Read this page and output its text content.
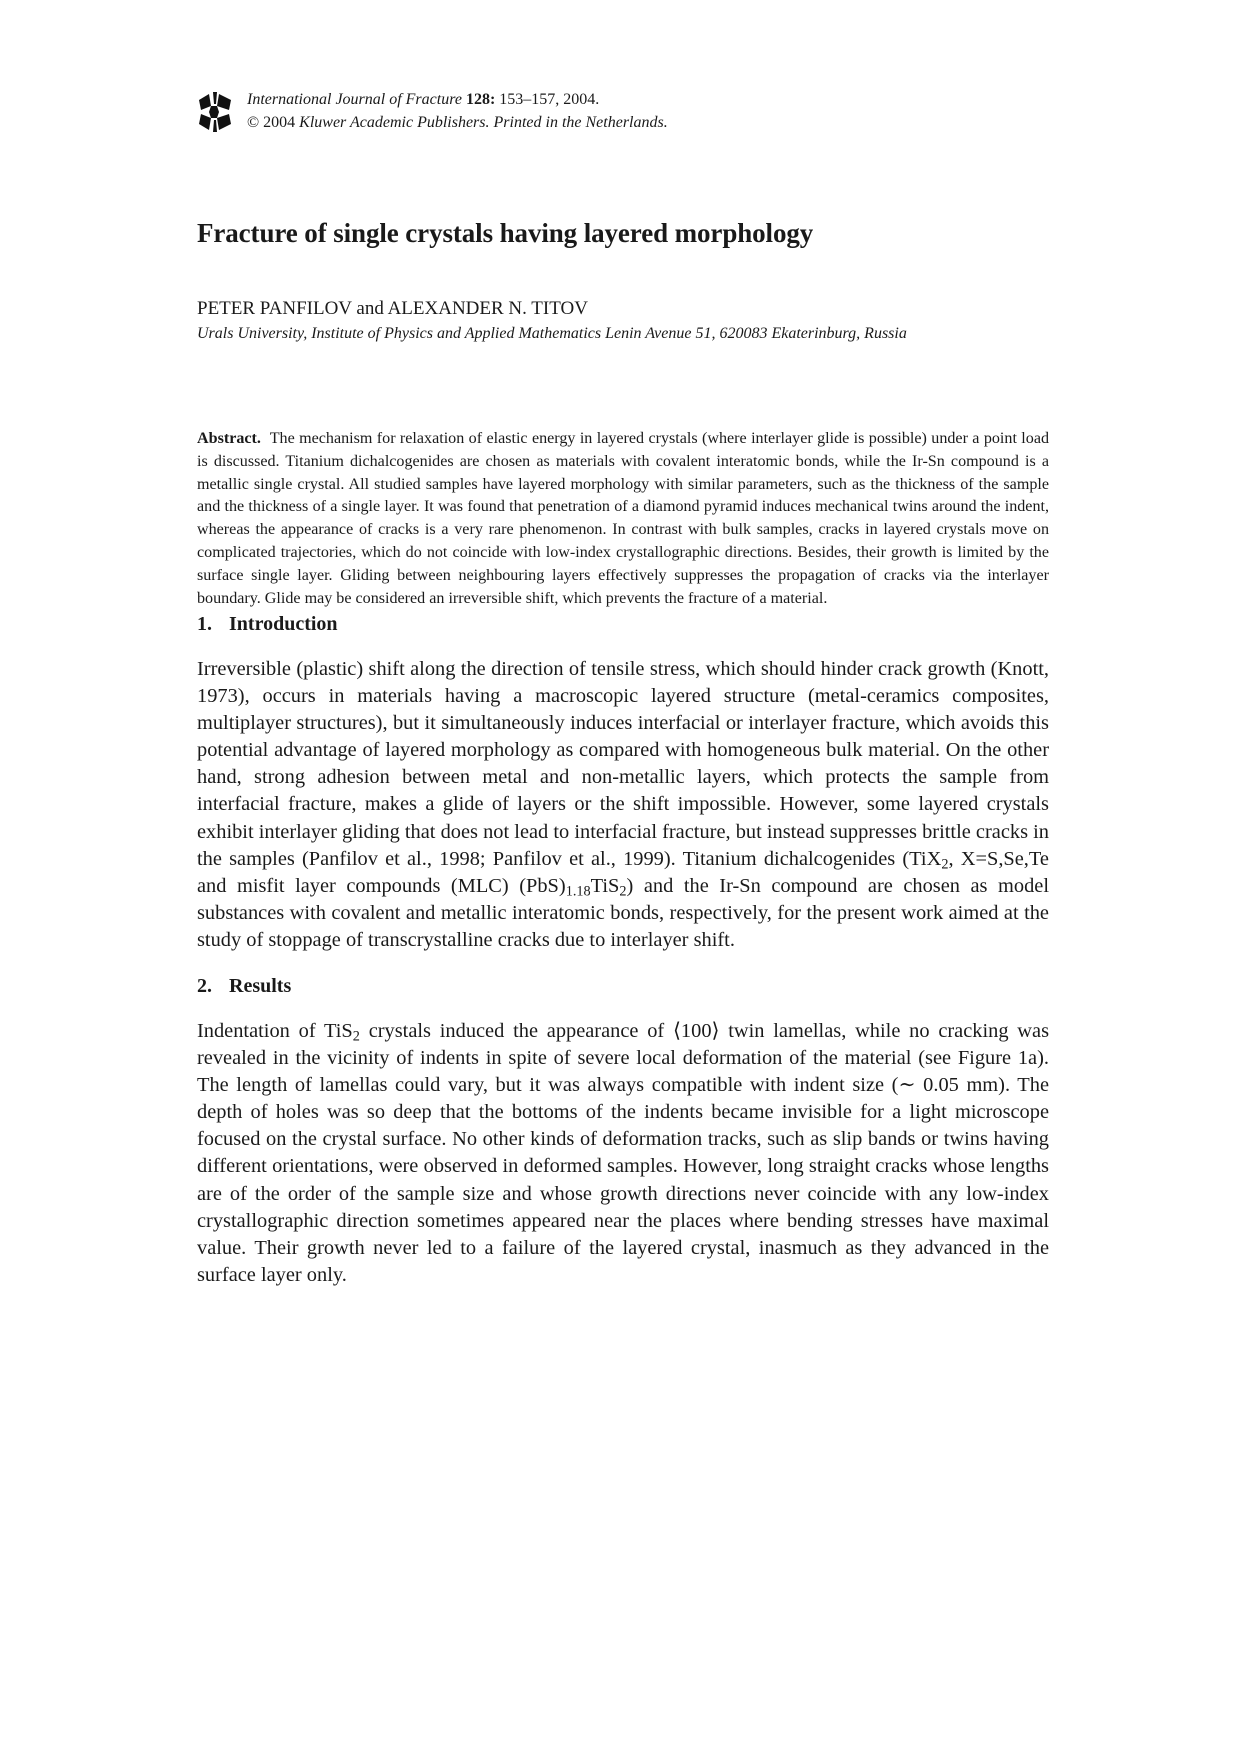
International Journal of Fracture 128: 153–157, 2004.
© 2004 Kluwer Academic Publishers. Printed in the Netherlands.
Fracture of single crystals having layered morphology
PETER PANFILOV and ALEXANDER N. TITOV
Urals University, Institute of Physics and Applied Mathematics Lenin Avenue 51, 620083 Ekaterinburg, Russia

Abstract. The mechanism for relaxation of elastic energy in layered crystals (where interlayer glide is possible) under a point load is discussed. Titanium dichalcogenides are chosen as materials with covalent interatomic bonds, while the Ir-Sn compound is a metallic single crystal. All studied samples have layered morphology with similar parameters, such as the thickness of the sample and the thickness of a single layer. It was found that penetration of a diamond pyramid induces mechanical twins around the indent, whereas the appearance of cracks is a very rare phenomenon. In contrast with bulk samples, cracks in layered crystals move on complicated trajectories, which do not coincide with low-index crystallographic directions. Besides, their growth is limited by the surface single layer. Gliding between neighbouring layers effectively suppresses the propagation of cracks via the interlayer boundary. Glide may be considered an irreversible shift, which prevents the fracture of a material.

1. Introduction

Irreversible (plastic) shift along the direction of tensile stress, which should hinder crack growth (Knott, 1973), occurs in materials having a macroscopic layered structure (metal-ceramics composites, multiplayer structures), but it simultaneously induces interfacial or interlayer fracture, which avoids this potential advantage of layered morphology as compared with homogeneous bulk material. On the other hand, strong adhesion between metal and non-metallic layers, which protects the sample from interfacial fracture, makes a glide of layers or the shift impossible. However, some layered crystals exhibit interlayer gliding that does not lead to interfacial fracture, but instead suppresses brittle cracks in the samples (Panfilov et al., 1998; Panfilov et al., 1999). Titanium dichalcogenides (TiX$_2$, X=S,Se,Te and misfit layer compounds (MLC) $(PbS)_{1.18}TiS_2$) and the Ir-Sn compound are chosen as model substances with covalent and metallic interatomic bonds, respectively, for the present work aimed at the study of stoppage of transcrystalline cracks due to interlayer shift.

2. Results

Indentation of TiS$_2$ crystals induced the appearance of ⟨100⟩ twin lamellas, while no cracking was revealed in the vicinity of indents in spite of severe local deformation of the material (see Figure 1a). The length of lamellas could vary, but it was always compatible with indent size (∼ 0.05 mm). The depth of holes was so deep that the bottoms of the indents became invisible for a light microscope focused on the crystal surface. No other kinds of deformation tracks, such as slip bands or twins having different orientations, were observed in deformed samples. However, long straight cracks whose lengths are of the order of the sample size and whose growth directions never coincide with any low-index crystallographic direction sometimes appeared near the places where bending stresses have maximal value. Their growth never led to a failure of the layered crystal, inasmuch as they advanced in the surface layer only.
